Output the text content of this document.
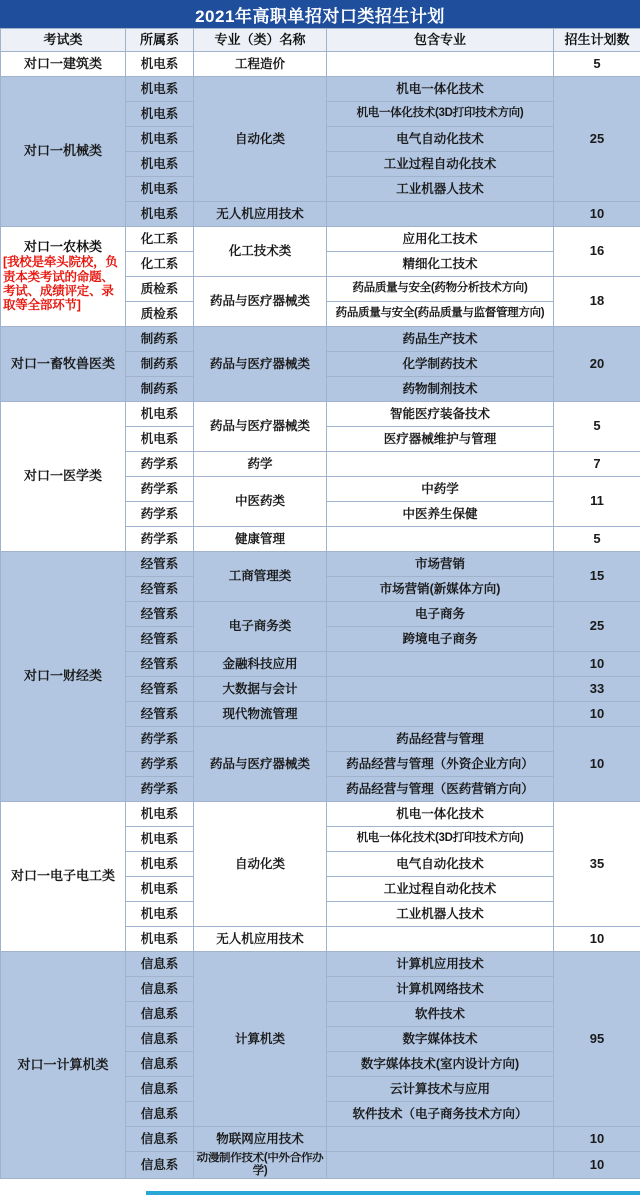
2021年高职单招对口类招生计划
考试类	所属系	专业（类）名称	包含专业	招生计划数
对口一建筑类	机电系	工程造价		5
对口一机械类	机电系	自动化类	机电一体化技术	25
	机电系		机电一体化技术(3D打印技术方向)	
	机电系		电气自动化技术	
	机电系		工业过程自动化技术	
	机电系		工业机器人技术	
	机电系	无人机应用技术		10

对口一农林类
[我校是牵头院校，负责本类考试的命题、考试、成绩评定、录取等全部环节]	化工系	化工技术类	应用化工技术	16
	化工系		精细化工技术	
	质检系	药品与医疗器械类	药品质量与安全(药物分析技术方向)	18
	质检系		药品质量与安全(药品质量与监督管理方向)	
对口一畜牧兽医类	制药系	药品与医疗器械类	药品生产技术	20
	制药系		化学制药技术	
	制药系		药物制剂技术	
对口一医学类	机电系	药品与医疗器械类	智能医疗装备技术	5
	机电系		医疗器械维护与管理	
	药学系	药学		7
	药学系	中医药类	中药学	11
	药学系		中医养生保健	
	药学系	健康管理		5
对口一财经类	经管系	工商管理类	市场营销	15
	经管系		市场营销(新媒体方向)	
	经管系	电子商务类	电子商务	25
	经管系		跨境电子商务	
	经管系	金融科技应用		10
	经管系	大数据与会计		33
	经管系	现代物流管理		10
	药学系	药品与医疗器械类	药品经营与管理	10
	药学系		药品经营与管理（外资企业方向）	
	药学系		药品经营与管理（医药营销方向）	
对口一电子电工类	机电系	自动化类	机电一体化技术	35
	机电系		机电一体化技术(3D打印技术方向)	
	机电系		电气自动化技术	
	机电系		工业过程自动化技术	
	机电系		工业机器人技术	
	机电系	无人机应用技术		10
对口一计算机类	信息系	计算机类	计算机应用技术	95
	信息系		计算机网络技术	
	信息系		软件技术	
	信息系		数字媒体技术	
	信息系		数字媒体技术(室内设计方向)	
	信息系		云计算技术与应用	
	信息系		软件技术（电子商务技术方向）	
	信息系	物联网应用技术		10
	信息系	动漫制作技术(中外合作办学)		10
